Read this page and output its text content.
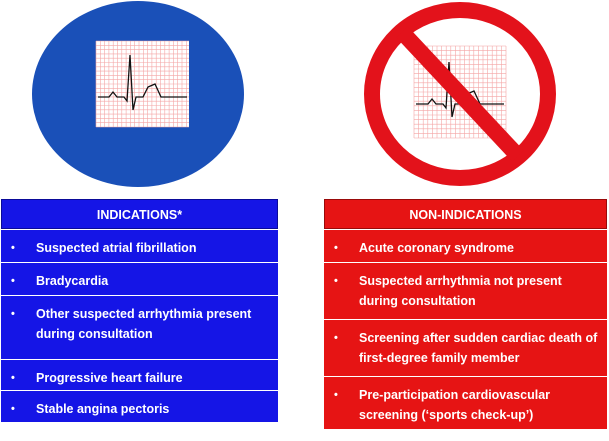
INDICATIONS*
• Suspected atrial fibrillation
• Bradycardia
• Other suspected arrhythmia present during consultation
• Progressive heart failure
• Stable angina pectoris
NON-INDICATIONS
• Acute coronary syndrome
• Suspected arrhythmia not present during consultation
• Screening after sudden cardiac death of first-degree family member
• Pre-participation cardiovascular screening (‘sports check-up’)
